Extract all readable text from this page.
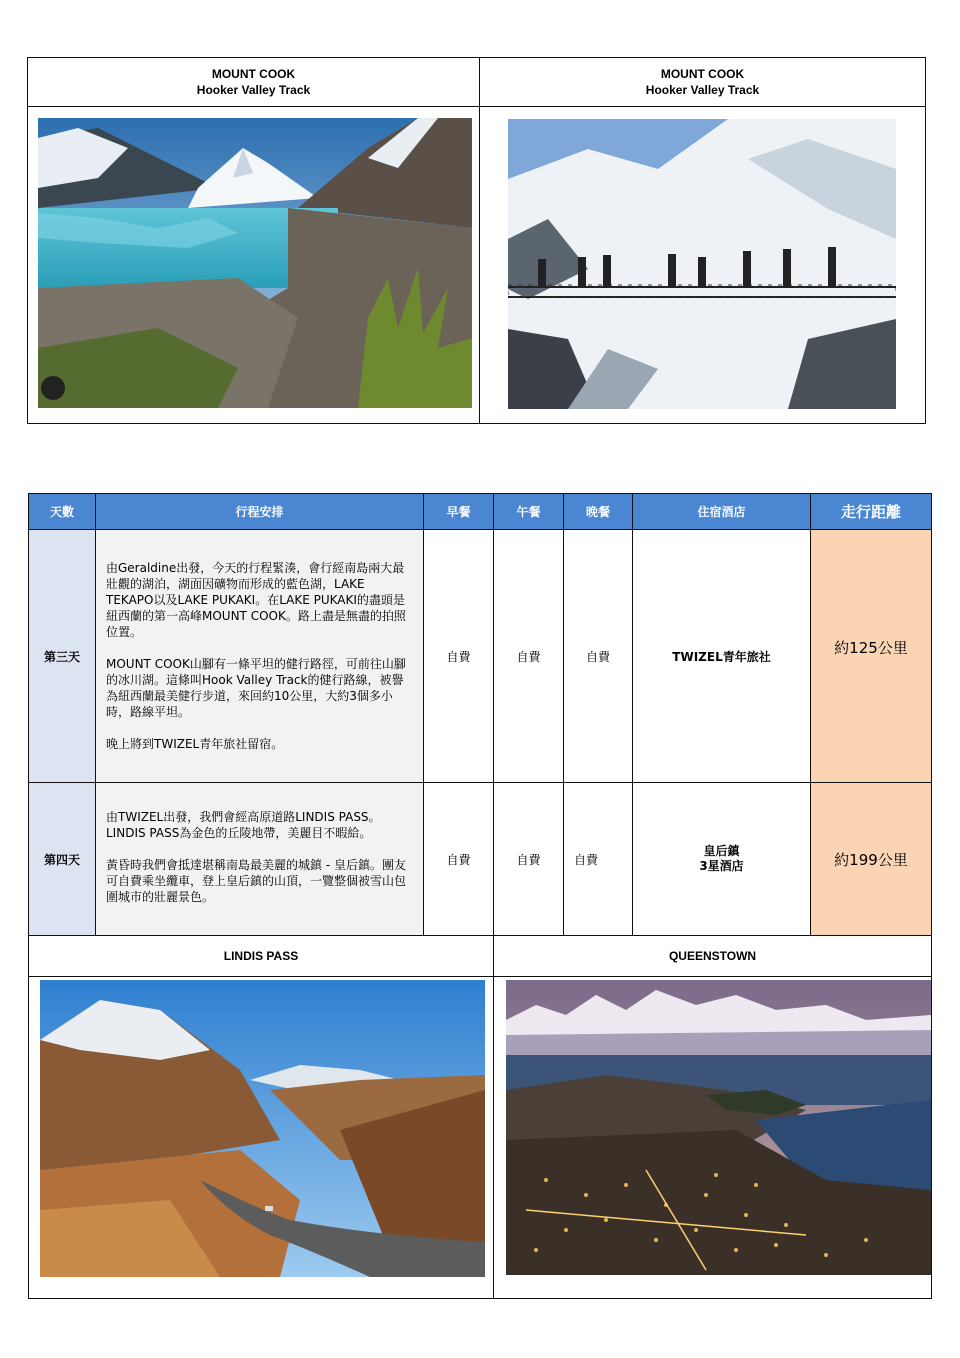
MOUNT COOK
Hooker Valley Track
MOUNT COOK
Hooker Valley Track
天數	行程安排	早餐	午餐	晚餐	住宿酒店	走行距離
第三天

由Geraldine出發，今天的行程緊湊，會行經南島兩大最壯觀的湖泊，湖面因礦物而形成的藍色湖，LAKE TEKAPO以及LAKE PUKAKI。在LAKE PUKAKI的盡頭是紐西蘭的第一高峰MOUNT COOK。路上盡是無盡的拍照位置。

MOUNT COOK山腳有一條平坦的健行路徑，可前往山腳的冰川湖。這條叫Hook Valley Track的健行路線，被譽為紐西蘭最美健行步道，來回約10公里，大約3個多小時，路線平坦。

晚上將到TWIZEL青年旅社留宿。

自費	自費	自費	TWIZEL青年旅社	約125公里
第四天

由TWIZEL出發，我們會經高原道路LINDIS PASS。LINDIS PASS為金色的丘陵地帶，美麗目不暇給。

黃昏時我們會抵達堪稱南島最美麗的城鎮 - 皇后鎮。團友可自費乘坐纜車，登上皇后鎮的山頂，一覽整個被雪山包圍城市的壯麗景色。

自費	自費	自費
皇后鎮
3星酒店	約199公里
LINDIS PASS	QUEENSTOWN
